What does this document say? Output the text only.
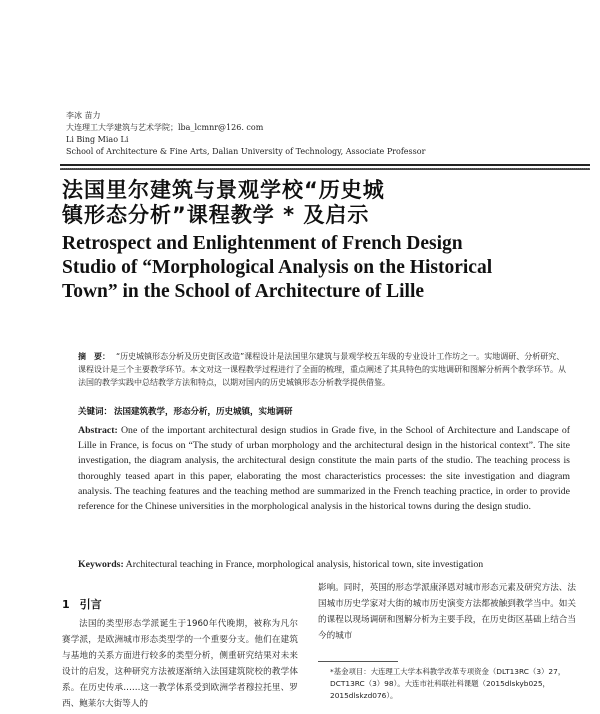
李冰 苗力
大连理工大学建筑与艺术学院；lba_lcmnr@126. com
Li Bing Miao Li
School of Architecture & Fine Arts, Dalian University of Technology, Associate Professor
法国里尔建筑与景观学校“历史城
镇形态分析”课程教学 * 及启示
Retrospect and Enlightenment of French Design
Studio of “Morphological Analysis on the Historical
Town” in the School of Architecture of Lille
摘　要： “历史城镇形态分析及历史街区改造”课程设计是法国里尔建筑与景观学校五年级的专业设计工作坊之一。实地调研、分析研究、课程设计是三个主要教学环节。本文对这一课程教学过程进行了全面的梳理，重点阐述了其具特色的实地调研和图解分析两个教学环节。从法国的教学实践中总结教学方法和特点，以期对国内的历史城镇形态分析教学提供借鉴。
关键词： 法国建筑教学，形态分析，历史城镇，实地调研
Abstract: One of the important architectural design studios in Grade five, in the School of Architecture and Landscape of Lille in France, is focus on “The study of urban morphology and the architectural design in the historical context”. The site investigation, the diagram analysis, the architectural design constitute the main parts of the studio. The teaching process is thoroughly teased apart in this paper, elaborating the most characteristics processes: the site investigation and diagram analysis. The teaching features and the teaching method are summarized in the French teaching practice, in order to provide reference for the Chinese universities in the morphological analysis in the historical towns during the design studio.
Keywords: Architectural teaching in France, morphological analysis, historical town, site investigation
1 引言
法国的类型形态学派诞生于1960年代晚期，被称为凡尔赛学派，是欧洲城市形态类型学的一个重要分支。他们在建筑与基地的关系方面进行较多的类型分析，侧重研究结果对未来设计的启发，这种研究方法被逐渐纳入法国建筑院校的教学体系。在历史传承……这一教学体系受到欧洲学者穆拉托里、罗西、鲍莱尔大街等人的
影响。同时，英国的形态学派康泽恩对城市形态元素及研究方法、法国城市历史学家对大街的城市历史演变方法都被触到教学当中。如关的课程以现场调研和图解分析为主要手段，在历史街区基础上结合当今的城市
*基金项目：大连理工大学本科教学改革专项资金（DLT13RC（3）27，DCT13RC（3）98）。大连市社科联社科课题（2015dlskyb025，2015dlskzd076）。
